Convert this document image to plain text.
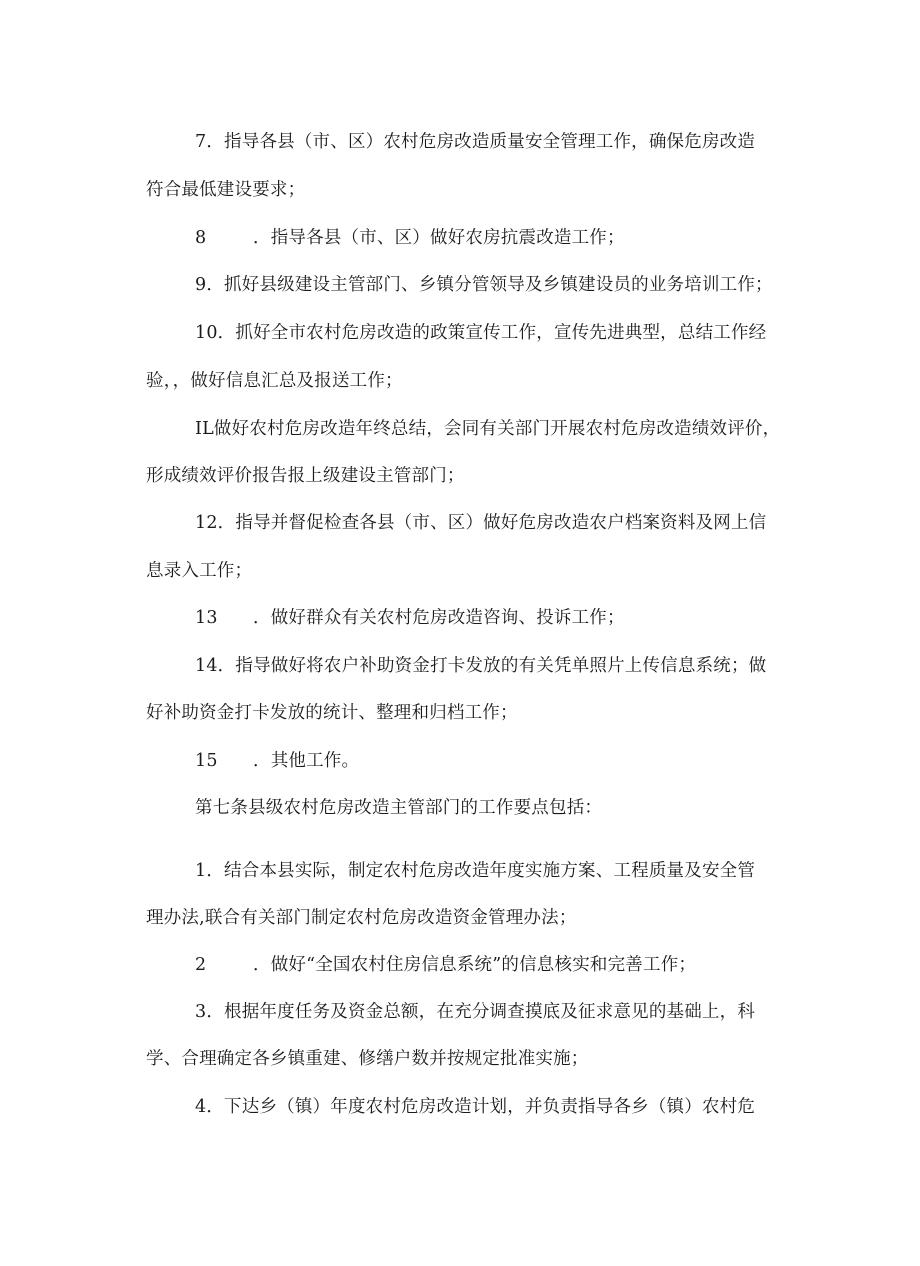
7．指导各县（市、区）农村危房改造质量安全管理工作，确保危房改造
符合最低建设要求；
8	．指导各县（市、区）做好农房抗震改造工作；
9．抓好县级建设主管部门、乡镇分管领导及乡镇建设员的业务培训工作；
10．抓好全市农村危房改造的政策宣传工作，宣传先进典型，总结工作经
验，，做好信息汇总及报送工作；
IL做好农村危房改造年终总结，会同有关部门开展农村危房改造绩效评价，
形成绩效评价报告报上级建设主管部门；
12．指导并督促检查各县（市、区）做好危房改造农户档案资料及网上信
息录入工作；
13 ．做好群众有关农村危房改造咨询、投诉工作；
14．指导做好将农户补助资金打卡发放的有关凭单照片上传信息系统；做
好补助资金打卡发放的统计、整理和归档工作；
15 ．其他工作。
第七条县级农村危房改造主管部门的工作要点包括：
1．结合本县实际，制定农村危房改造年度实施方案、工程质量及安全管
理办法,联合有关部门制定农村危房改造资金管理办法；
2	．做好“全国农村住房信息系统”的信息核实和完善工作；
3．根据年度任务及资金总额，在充分调查摸底及征求意见的基础上，科
学、合理确定各乡镇重建、修缮户数并按规定批准实施；
4．下达乡（镇）年度农村危房改造计划，并负责指导各乡（镇）农村危
